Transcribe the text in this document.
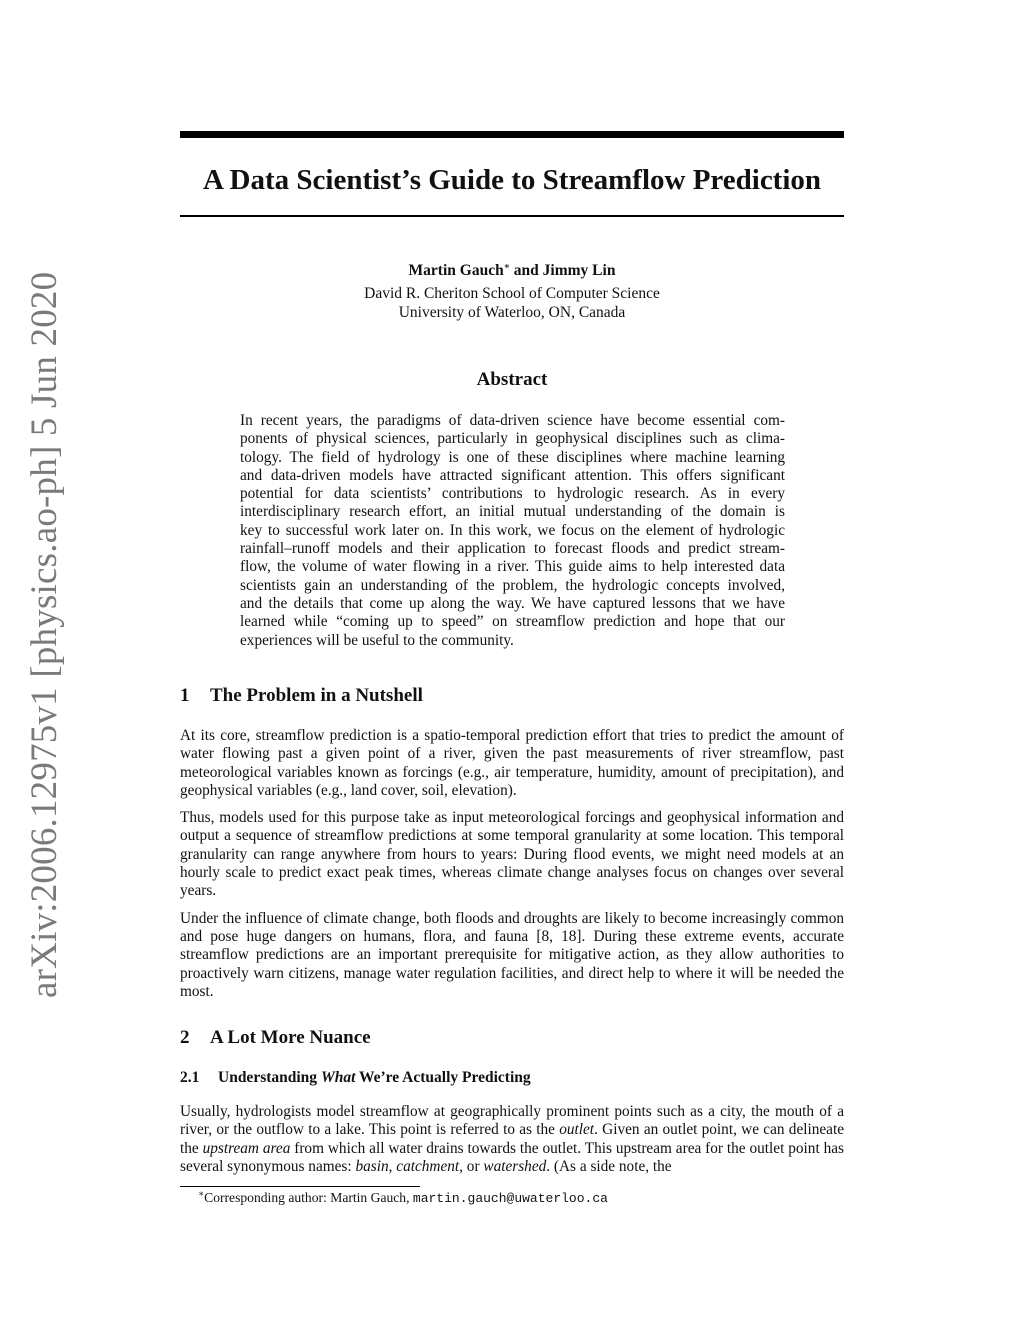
arXiv:2006.12975v1 [physics.ao-ph] 5 Jun 2020
A Data Scientist’s Guide to Streamflow Prediction
Martin Gauch∗ and Jimmy Lin
David R. Cheriton School of Computer Science
University of Waterloo, ON, Canada
Abstract
In recent years, the paradigms of data-driven science have become essential com-
ponents of physical sciences, particularly in geophysical disciplines such as clima-
tology. The field of hydrology is one of these disciplines where machine learning
and data-driven models have attracted significant attention. This offers significant
potential for data scientists’ contributions to hydrologic research. As in every
interdisciplinary research effort, an initial mutual understanding of the domain is
key to successful work later on. In this work, we focus on the element of hydrologic
rainfall–runoff models and their application to forecast floods and predict stream-
flow, the volume of water flowing in a river. This guide aims to help interested data
scientists gain an understanding of the problem, the hydrologic concepts involved,
and the details that come up along the way. We have captured lessons that we have
learned while “coming up to speed” on streamflow prediction and hope that our
experiences will be useful to the community.
1 The Problem in a Nutshell

At its core, streamflow prediction is a spatio-temporal prediction effort that tries to predict the amount of water flowing past a given point of a river, given the past measurements of river streamflow, past meteorological variables known as forcings (e.g., air temperature, humidity, amount of precipitation), and geophysical variables (e.g., land cover, soil, elevation).

Thus, models used for this purpose take as input meteorological forcings and geophysical information and output a sequence of streamflow predictions at some temporal granularity at some location. This temporal granularity can range anywhere from hours to years: During flood events, we might need models at an hourly scale to predict exact peak times, whereas climate change analyses focus on changes over several years.

Under the influence of climate change, both floods and droughts are likely to become increasingly common and pose huge dangers on humans, flora, and fauna [8, 18]. During these extreme events, accurate streamflow predictions are an important prerequisite for mitigative action, as they allow authorities to proactively warn citizens, manage water regulation facilities, and direct help to where it will be needed the most.

2 A Lot More Nuance
2.1 Understanding What We’re Actually Predicting

Usually, hydrologists model streamflow at geographically prominent points such as a city, the mouth of a river, or the outflow to a lake. This point is referred to as the outlet. Given an outlet point, we can delineate the upstream area from which all water drains towards the outlet. This upstream area for the outlet point has several synonymous names: basin, catchment, or watershed. (As a side note, the

∗Corresponding author: Martin Gauch, martin.gauch@uwaterloo.ca
